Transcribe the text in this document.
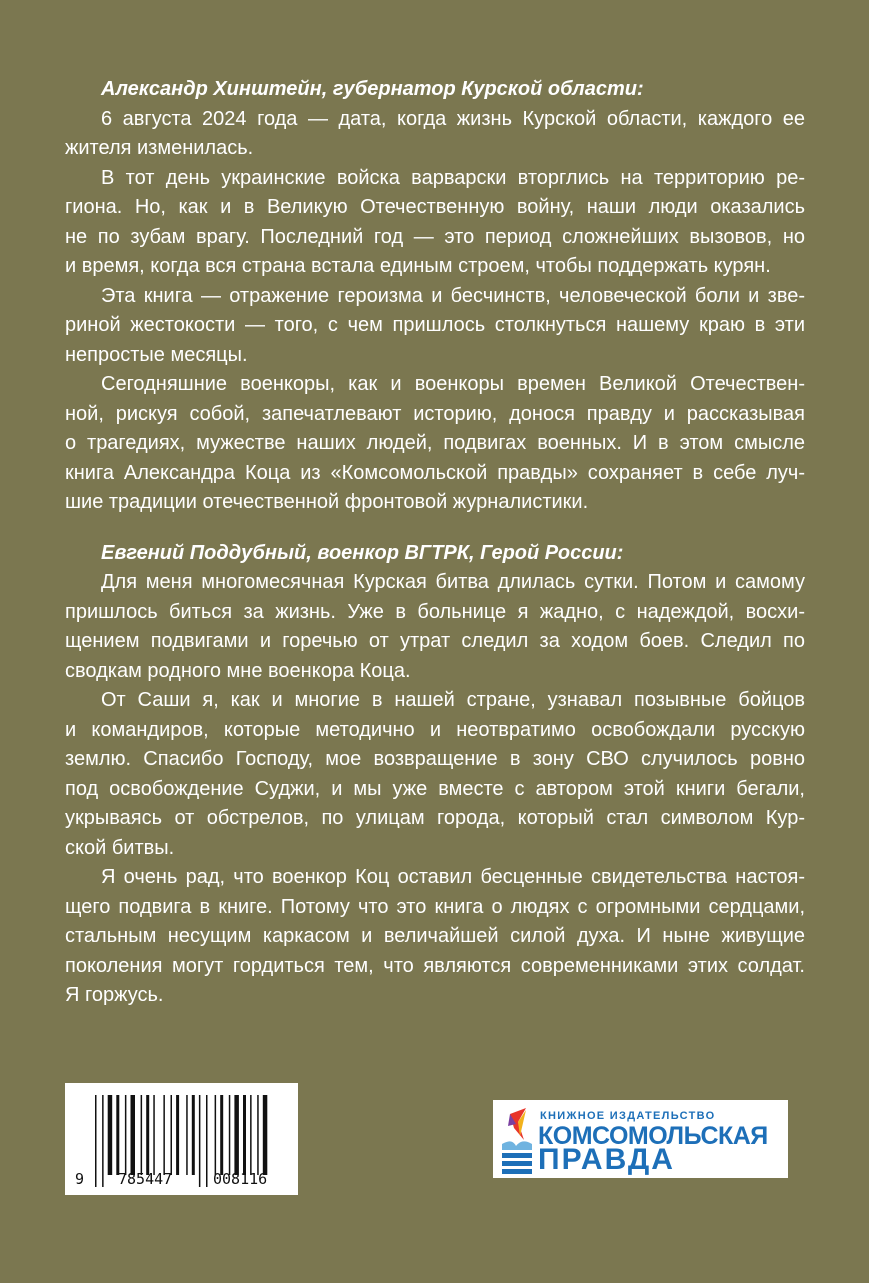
Александр Хинштейн, губернатор Курской области:
6 августа 2024 года — дата, когда жизнь Курской области, каждого ее
жителя изменилась.
В тот день украинские войска варварски вторглись на территорию ре-
гиона. Но, как и в Великую Отечественную войну, наши люди оказались
не по зубам врагу. Последний год — это период сложнейших вызовов, но
и время, когда вся страна встала единым строем, чтобы поддержать курян.
Эта книга — отражение героизма и бесчинств, человеческой боли и зве-
риной жестокости — того, с чем пришлось столкнуться нашему краю в эти
непростые месяцы.
Сегодняшние военкоры, как и военкоры времен Великой Отечествен-
ной, рискуя собой, запечатлевают историю, донося правду и рассказывая
о трагедиях, мужестве наших людей, подвигах военных. И в этом смысле
книга Александра Коца из «Комсомольской правды» сохраняет в себе луч-
шие традиции отечественной фронтовой журналистики.
Евгений Поддубный, военкор ВГТРК, Герой России:
Для меня многомесячная Курская битва длилась сутки. Потом и самому
пришлось биться за жизнь. Уже в больнице я жадно, с надеждой, восхи-
щением подвигами и горечью от утрат следил за ходом боев. Следил по
сводкам родного мне военкора Коца.
От Саши я, как и многие в нашей стране, узнавал позывные бойцов
и командиров, которые методично и неотвратимо освобождали русскую
землю. Спасибо Господу, мое возвращение в зону СВО случилось ровно
под освобождение Суджи, и мы уже вместе с автором этой книги бегали,
укрываясь от обстрелов, по улицам города, который стал символом Кур-
ской битвы.
Я очень рад, что военкор Коц оставил бесценные свидетельства настоя-
щего подвига в книге. Потому что это книга о людях с огромными сердцами,
стальным несущим каркасом и величайшей силой духа. И ныне живущие
поколения могут гордиться тем, что являются современниками этих солдат.
Я горжусь.
9 785447	008116
КНИЖНОЕ ИЗДАТЕЛЬСТВО
КОМСОМОЛЬСКАЯ
ПРАВДА
